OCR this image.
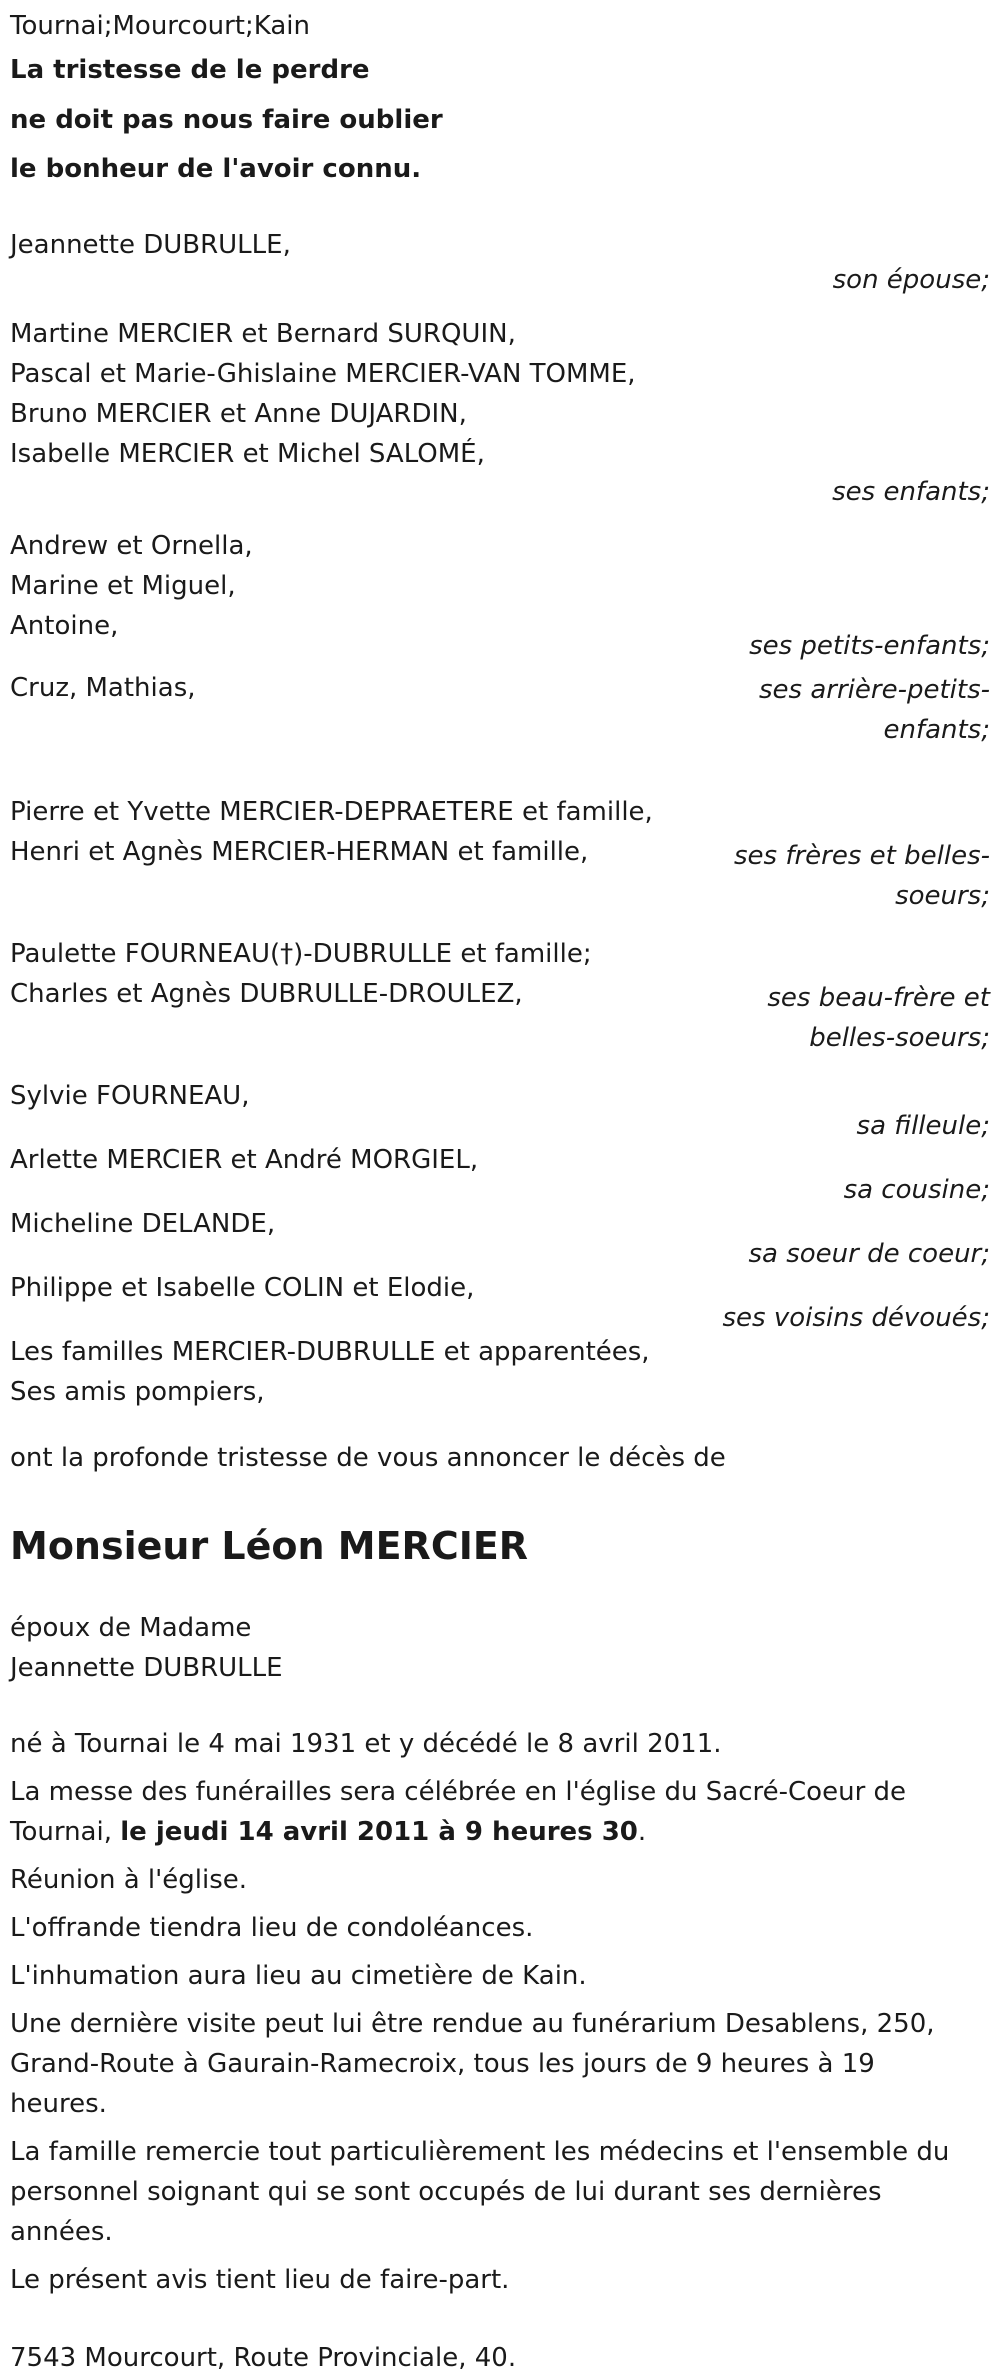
Tournai;Mourcourt;Kain
La tristesse de le perdre
ne doit pas nous faire oublier
le bonheur de l'avoir connu.
Jeannette DUBRULLE,
son épouse;
Martine MERCIER et Bernard SURQUIN,
Pascal et Marie-Ghislaine MERCIER-VAN TOMME,
Bruno MERCIER et Anne DUJARDIN,
Isabelle MERCIER et Michel SALOMÉ,
ses enfants;
Andrew et Ornella,
Marine et Miguel,
Antoine,
ses petits-enfants;
Cruz, Mathias,	ses arrière-petits-enfants;
Pierre et Yvette MERCIER-DEPRAETERE et famille,
Henri et Agnès MERCIER-HERMAN et famille,	ses frères et belles-soeurs;
Paulette FOURNEAU(†)-DUBRULLE et famille;
Charles et Agnès DUBRULLE-DROULEZ,	ses beau-frère et belles-soeurs;
Sylvie FOURNEAU,
sa filleule;
Arlette MERCIER et André MORGIEL,
sa cousine;
Micheline DELANDE,
sa soeur de coeur;
Philippe et Isabelle COLIN et Elodie,
ses voisins dévoués;
Les familles MERCIER-DUBRULLE et apparentées,
Ses amis pompiers,
ont la profonde tristesse de vous annoncer le décès de
Monsieur Léon MERCIER
époux de Madame
Jeannette DUBRULLE
né à Tournai le 4 mai 1931 et y décédé le 8 avril 2011.
La messe des funérailles sera célébrée en l'église du Sacré-Coeur de Tournai, le jeudi 14 avril 2011 à 9 heures 30.
Réunion à l'église.
L'offrande tiendra lieu de condoléances.
L'inhumation aura lieu au cimetière de Kain.
Une dernière visite peut lui être rendue au funérarium Desablens, 250, Grand-Route à Gaurain-Ramecroix, tous les jours de 9 heures à 19 heures.
La famille remercie tout particulièrement les médecins et l'ensemble du personnel soignant qui se sont occupés de lui durant ses dernières années.
Le présent avis tient lieu de faire-part.
7543 Mourcourt, Route Provinciale, 40.
